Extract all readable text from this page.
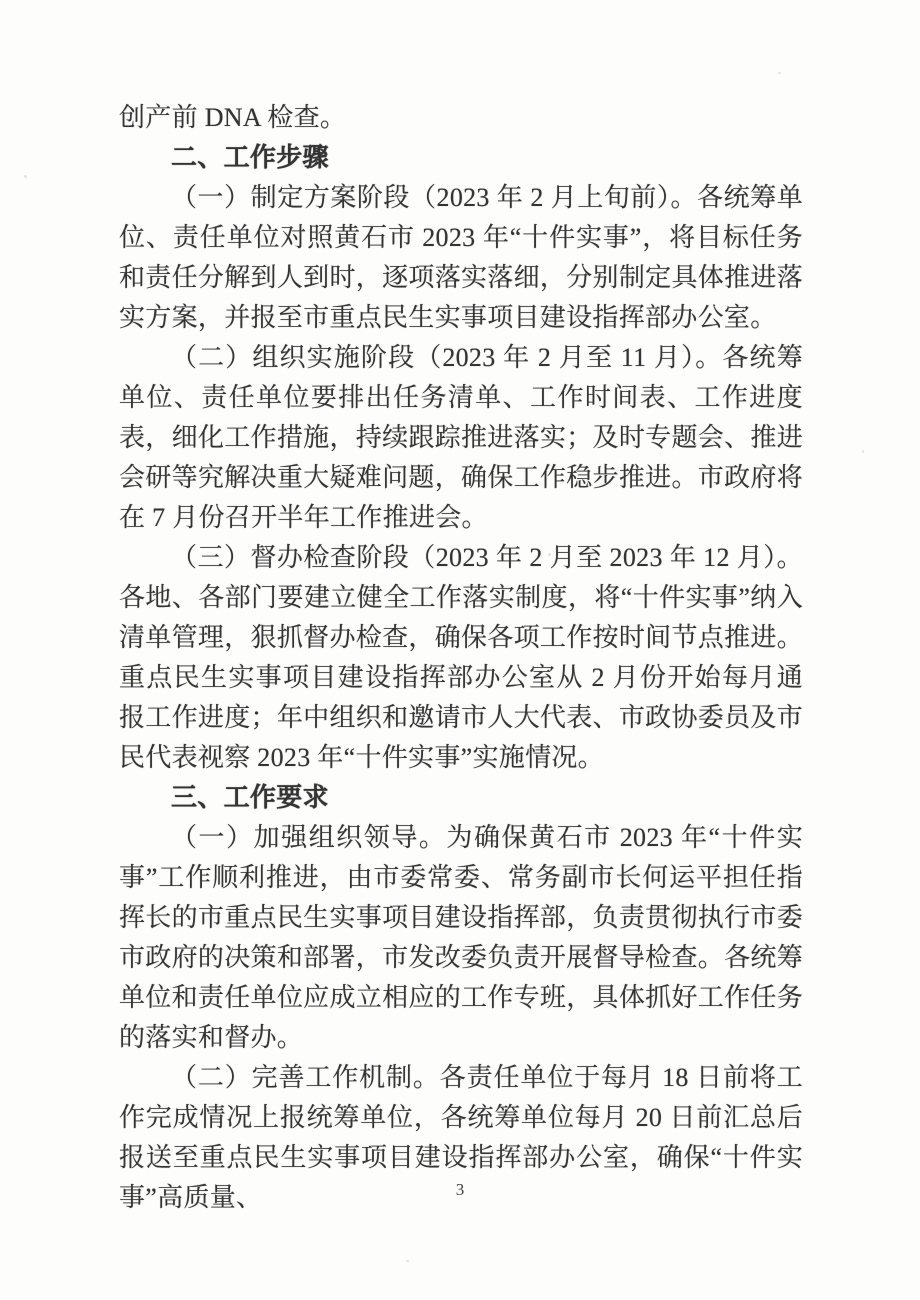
创产前 DNA 检查。

二、工作步骤

（一）制定方案阶段（2023 年 2 月上旬前）。各统筹单位、责任单位对照黄石市 2023 年“十件实事”，将目标任务和责任分解到人到时，逐项落实落细，分别制定具体推进落实方案，并报至市重点民生实事项目建设指挥部办公室。

（二）组织实施阶段（2023 年 2 月至 11 月）。各统筹单位、责任单位要排出任务清单、工作时间表、工作进度表，细化工作措施，持续跟踪推进落实；及时专题会、推进会研等究解决重大疑难问题，确保工作稳步推进。市政府将在 7 月份召开半年工作推进会。

（三）督办检查阶段（2023 年 2 月至 2023 年 12 月）。各地、各部门要建立健全工作落实制度，将“十件实事”纳入清单管理，狠抓督办检查，确保各项工作按时间节点推进。重点民生实事项目建设指挥部办公室从 2 月份开始每月通报工作进度；年中组织和邀请市人大代表、市政协委员及市民代表视察 2023 年“十件实事”实施情况。

三、工作要求

（一）加强组织领导。为确保黄石市 2023 年“十件实事”工作顺利推进，由市委常委、常务副市长何运平担任指挥长的市重点民生实事项目建设指挥部，负责贯彻执行市委市政府的决策和部署，市发改委负责开展督导检查。各统筹单位和责任单位应成立相应的工作专班，具体抓好工作任务的落实和督办。

（二）完善工作机制。各责任单位于每月 18 日前将工作完成情况上报统筹单位，各统筹单位每月 20 日前汇总后报送至重点民生实事项目建设指挥部办公室，确保“十件实事”高质量、	3
